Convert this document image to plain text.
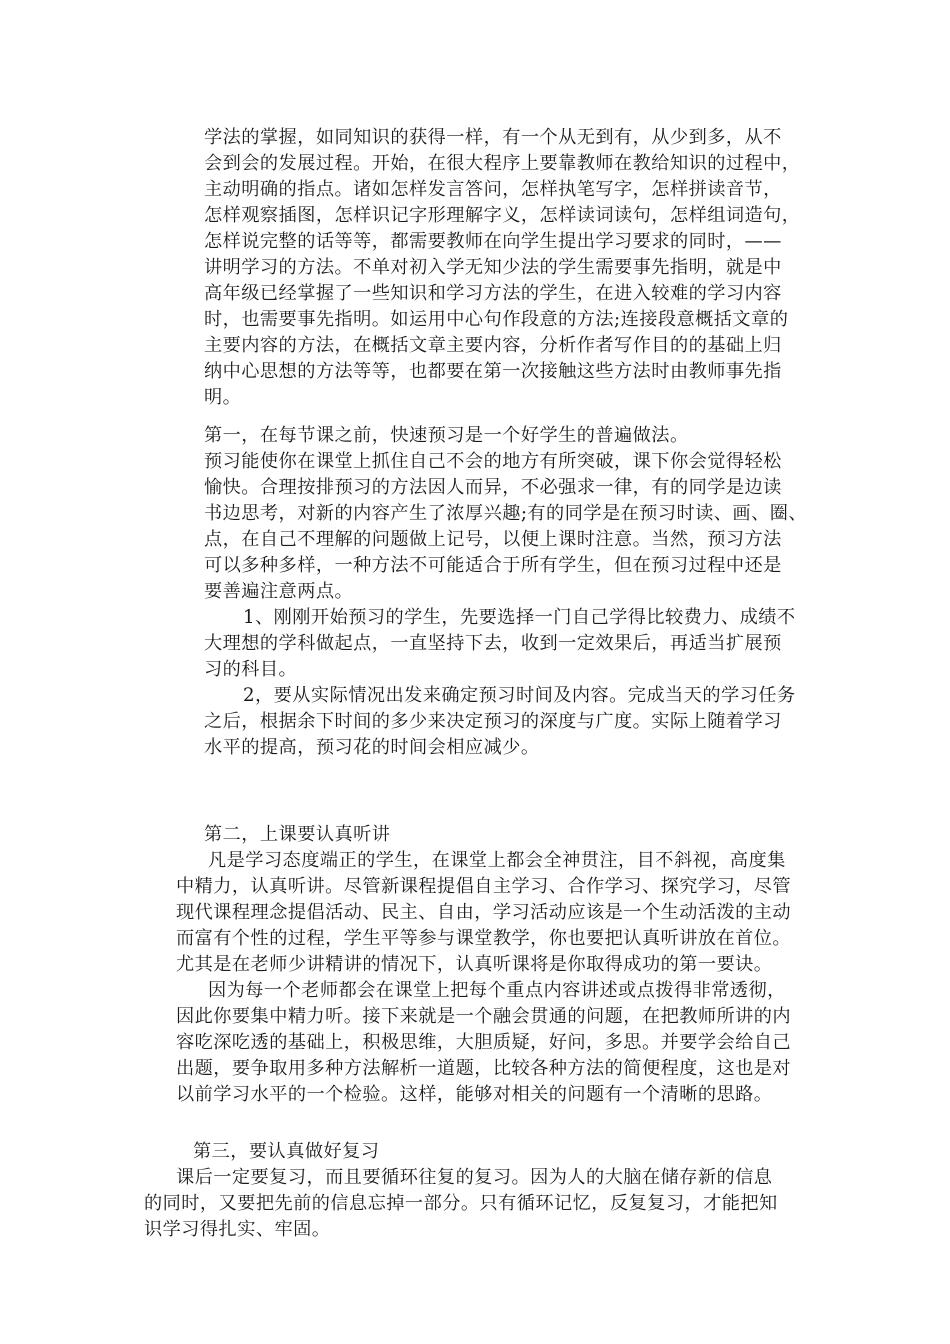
学法的掌握，如同知识的获得一样，有一个从无到有，从少到多，从不
会到会的发展过程。开始，在很大程序上要靠教师在教给知识的过程中，
主动明确的指点。诸如怎样发言答问，怎样执笔写字，怎样拼读音节，
怎样观察插图，怎样识记字形理解字义，怎样读词读句，怎样组词造句，
怎样说完整的话等等，都需要教师在向学生提出学习要求的同时，——
讲明学习的方法。不单对初入学无知少法的学生需要事先指明，就是中
高年级已经掌握了一些知识和学习方法的学生，在进入较难的学习内容
时，也需要事先指明。如运用中心句作段意的方法;连接段意概括文章的
主要内容的方法，在概括文章主要内容，分析作者写作目的的基础上归
纳中心思想的方法等等，也都要在第一次接触这些方法时由教师事先指
明。
第一，在每节课之前，快速预习是一个好学生的普遍做法。
预习能使你在课堂上抓住自己不会的地方有所突破，课下你会觉得轻松
愉快。合理按排预习的方法因人而异，不必强求一律，有的同学是边读
书边思考，对新的内容产生了浓厚兴趣;有的同学是在预习时读、画、圈、
点，在自己不理解的问题做上记号，以便上课时注意。当然，预习方法
可以多种多样，一种方法不可能适合于所有学生，但在预习过程中还是
要善遍注意两点。
1、刚刚开始预习的学生，先要选择一门自己学得比较费力、成绩不
大理想的学科做起点，一直坚持下去，收到一定效果后，再适当扩展预
习的科目。
2，要从实际情况出发来确定预习时间及内容。完成当天的学习任务
之后，根据余下时间的多少来决定预习的深度与广度。实际上随着学习
水平的提高，预习花的时间会相应减少。
第二，上课要认真听讲
凡是学习态度端正的学生，在课堂上都会全神贯注，目不斜视，高度集
中精力，认真听讲。尽管新课程提倡自主学习、合作学习、探究学习，尽管
现代课程理念提倡活动、民主、自由，学习活动应该是一个生动活泼的主动
而富有个性的过程，学生平等参与课堂教学，你也要把认真听讲放在首位。
尤其是在老师少讲精讲的情况下，认真听课将是你取得成功的第一要诀。
因为每一个老师都会在课堂上把每个重点内容讲述或点拨得非常透彻，
因此你要集中精力听。接下来就是一个融会贯通的问题，在把教师所讲的内
容吃深吃透的基础上，积极思维，大胆质疑，好问，多思。并要学会给自己
出题，要争取用多种方法解析一道题，比较各种方法的简便程度，这也是对
以前学习水平的一个检验。这样，能够对相关的问题有一个清晰的思路。
第三，要认真做好复习
课后一定要复习，而且要循环往复的复习。因为人的大脑在储存新的信息
的同时，又要把先前的信息忘掉一部分。只有循环记忆，反复复习，才能把知
识学习得扎实、牢固。
